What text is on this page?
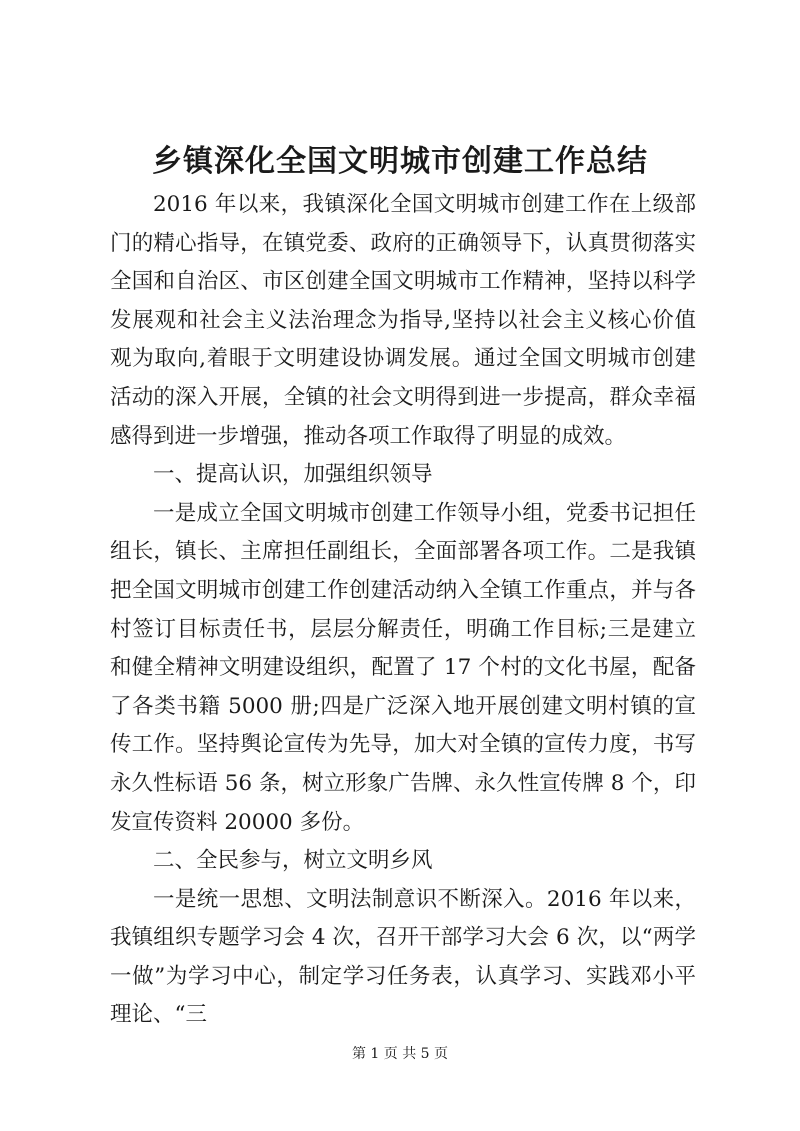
乡镇深化全国文明城市创建工作总结

2016 年以来，我镇深化全国文明城市创建工作在上级部门的精心指导，在镇党委、政府的正确领导下，认真贯彻落实全国和自治区、市区创建全国文明城市工作精神，坚持以科学发展观和社会主义法治理念为指导,坚持以社会主义核心价值观为取向,着眼于文明建设协调发展。通过全国文明城市创建活动的深入开展，全镇的社会文明得到进一步提高，群众幸福感得到进一步增强，推动各项工作取得了明显的成效。

一、提高认识，加强组织领导

一是成立全国文明城市创建工作领导小组，党委书记担任组长，镇长、主席担任副组长，全面部署各项工作。二是我镇把全国文明城市创建工作创建活动纳入全镇工作重点，并与各村签订目标责任书，层层分解责任，明确工作目标;三是建立和健全精神文明建设组织，配置了 17 个村的文化书屋，配备了各类书籍 5000 册;四是广泛深入地开展创建文明村镇的宣传工作。坚持舆论宣传为先导，加大对全镇的宣传力度，书写永久性标语 56 条，树立形象广告牌、永久性宣传牌 8 个，印发宣传资料 20000 多份。

二、全民参与，树立文明乡风

一是统一思想、文明法制意识不断深入。2016 年以来，我镇组织专题学习会 4 次，召开干部学习大会 6 次，以“两学一做”为学习中心，制定学习任务表，认真学习、实践邓小平理论、“三

第 1 页 共 5 页
